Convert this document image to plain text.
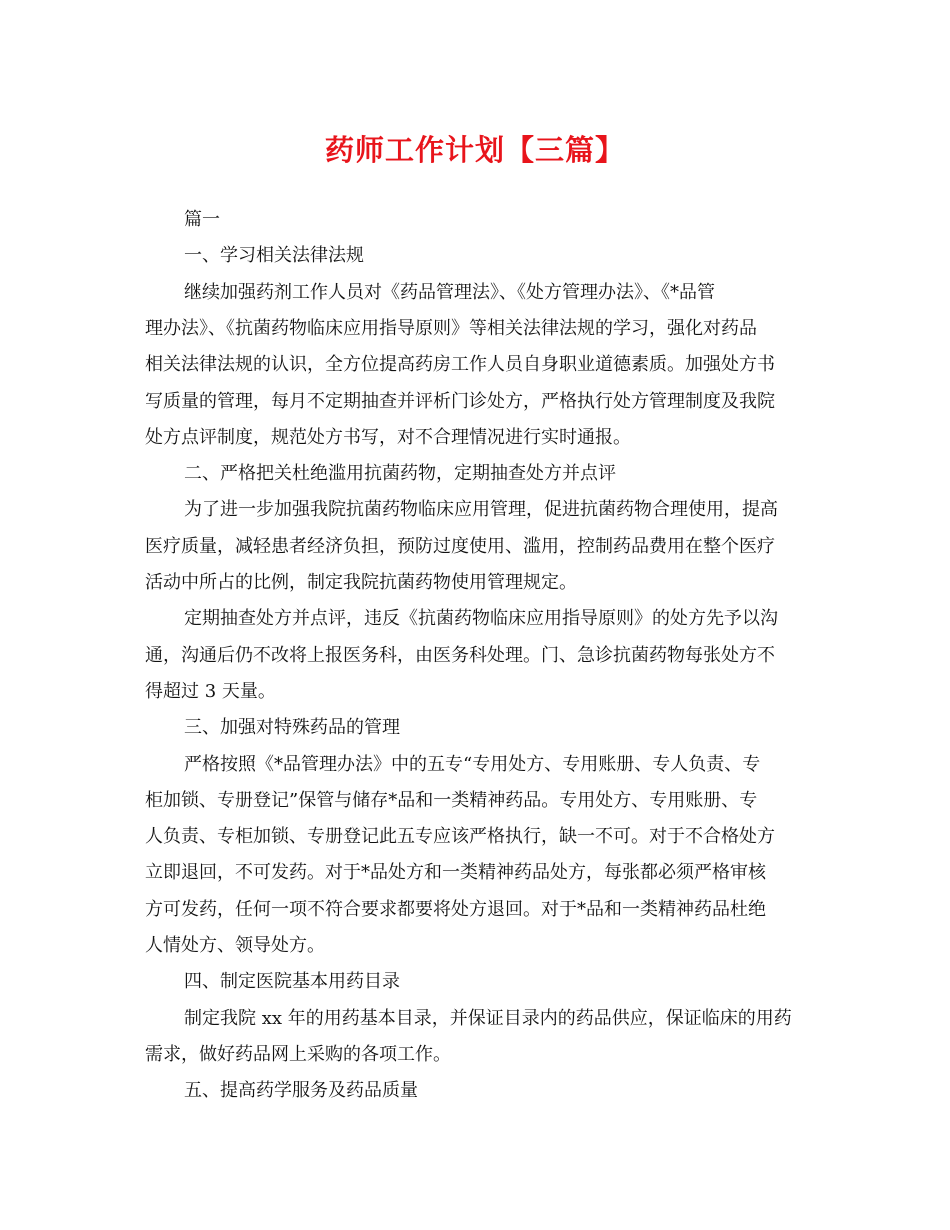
药师工作计划【三篇】
篇一
一、学习相关法律法规
继续加强药剂工作人员对《药品管理法》、《处方管理办法》、《*品管
理办法》、《抗菌药物临床应用指导原则》等相关法律法规的学习，强化对药品
相关法律法规的认识，全方位提高药房工作人员自身职业道德素质。加强处方书
写质量的管理，每月不定期抽查并评析门诊处方，严格执行处方管理制度及我院
处方点评制度，规范处方书写，对不合理情况进行实时通报。
二、严格把关杜绝滥用抗菌药物，定期抽查处方并点评
为了进一步加强我院抗菌药物临床应用管理，促进抗菌药物合理使用，提高
医疗质量，减轻患者经济负担，预防过度使用、滥用，控制药品费用在整个医疗
活动中所占的比例，制定我院抗菌药物使用管理规定。
定期抽查处方并点评，违反《抗菌药物临床应用指导原则》的处方先予以沟
通，沟通后仍不改将上报医务科，由医务科处理。门、急诊抗菌药物每张处方不
得超过 3 天量。
三、加强对特殊药品的管理
严格按照《*品管理办法》中的五专“专用处方、专用账册、专人负责、专
柜加锁、专册登记”保管与储存*品和一类精神药品。专用处方、专用账册、专
人负责、专柜加锁、专册登记此五专应该严格执行，缺一不可。对于不合格处方
立即退回，不可发药。对于*品处方和一类精神药品处方，每张都必须严格审核
方可发药，任何一项不符合要求都要将处方退回。对于*品和一类精神药品杜绝
人情处方、领导处方。
四、制定医院基本用药目录
制定我院 xx 年的用药基本目录，并保证目录内的药品供应，保证临床的用药
需求，做好药品网上采购的各项工作。
五、提高药学服务及药品质量
